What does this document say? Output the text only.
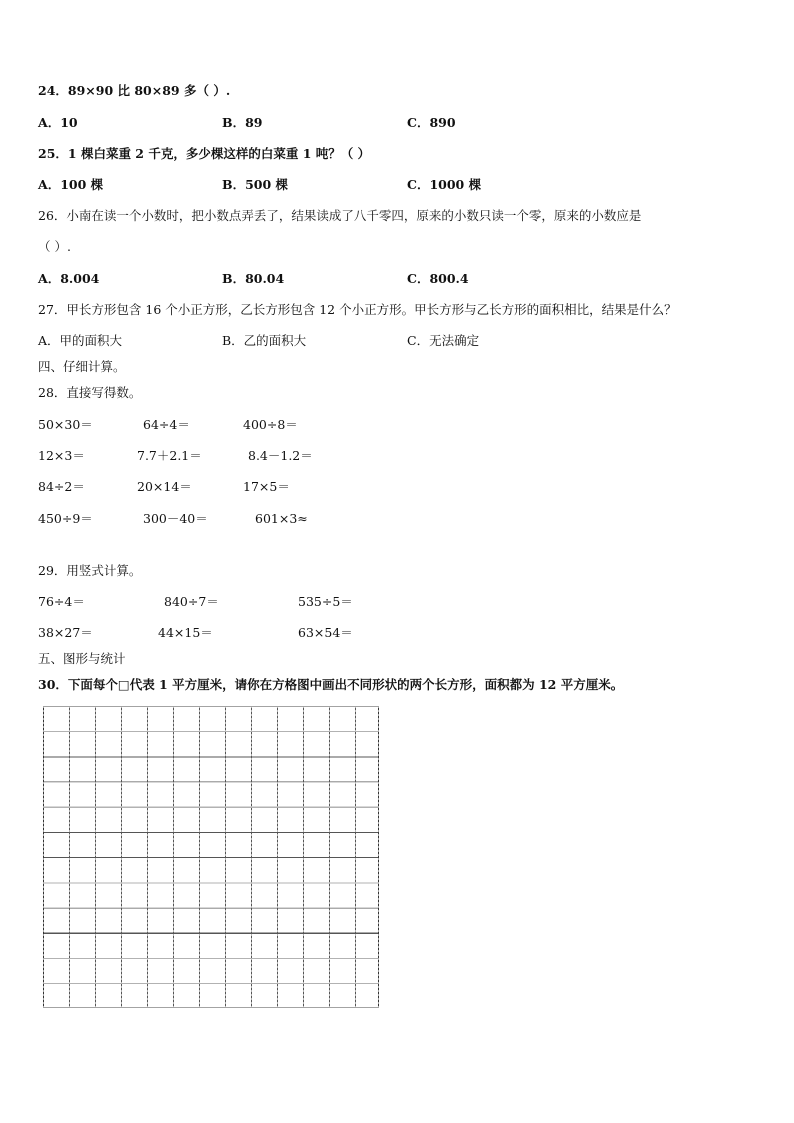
24．89×90 比 80×89 多（ ）.
A．10	B．89	C．890
25．1 棵白菜重 2 千克，多少棵这样的白菜重 1 吨？（ ）
A．100 棵	B．500 棵	C．1000 棵
26．小南在读一个小数时，把小数点弄丢了，结果读成了八千零四，原来的小数只读一个零，原来的小数应是
（ ）.
A．8.004	B．80.04	C．800.4
27．甲长方形包含 16 个小正方形，乙长方形包含 12 个小正方形。甲长方形与乙长方形的面积相比，结果是什么？
A．甲的面积大	B．乙的面积大	C．无法确定
四、仔细计算。
28．直接写得数。
50×30＝	64÷4＝	400÷8＝
12×3＝	7.7＋2.1＝	8.4－1.2＝
84÷2＝	20×14＝	17×5＝
450÷9＝	300－40＝	601×3≈
29．用竖式计算。
76÷4＝	840÷7＝	535÷5＝
38×27＝	44×15＝	63×54＝
五、图形与统计
30．下面每个□代表 1 平方厘米，请你在方格图中画出不同形状的两个长方形，面积都为 12 平方厘米。
